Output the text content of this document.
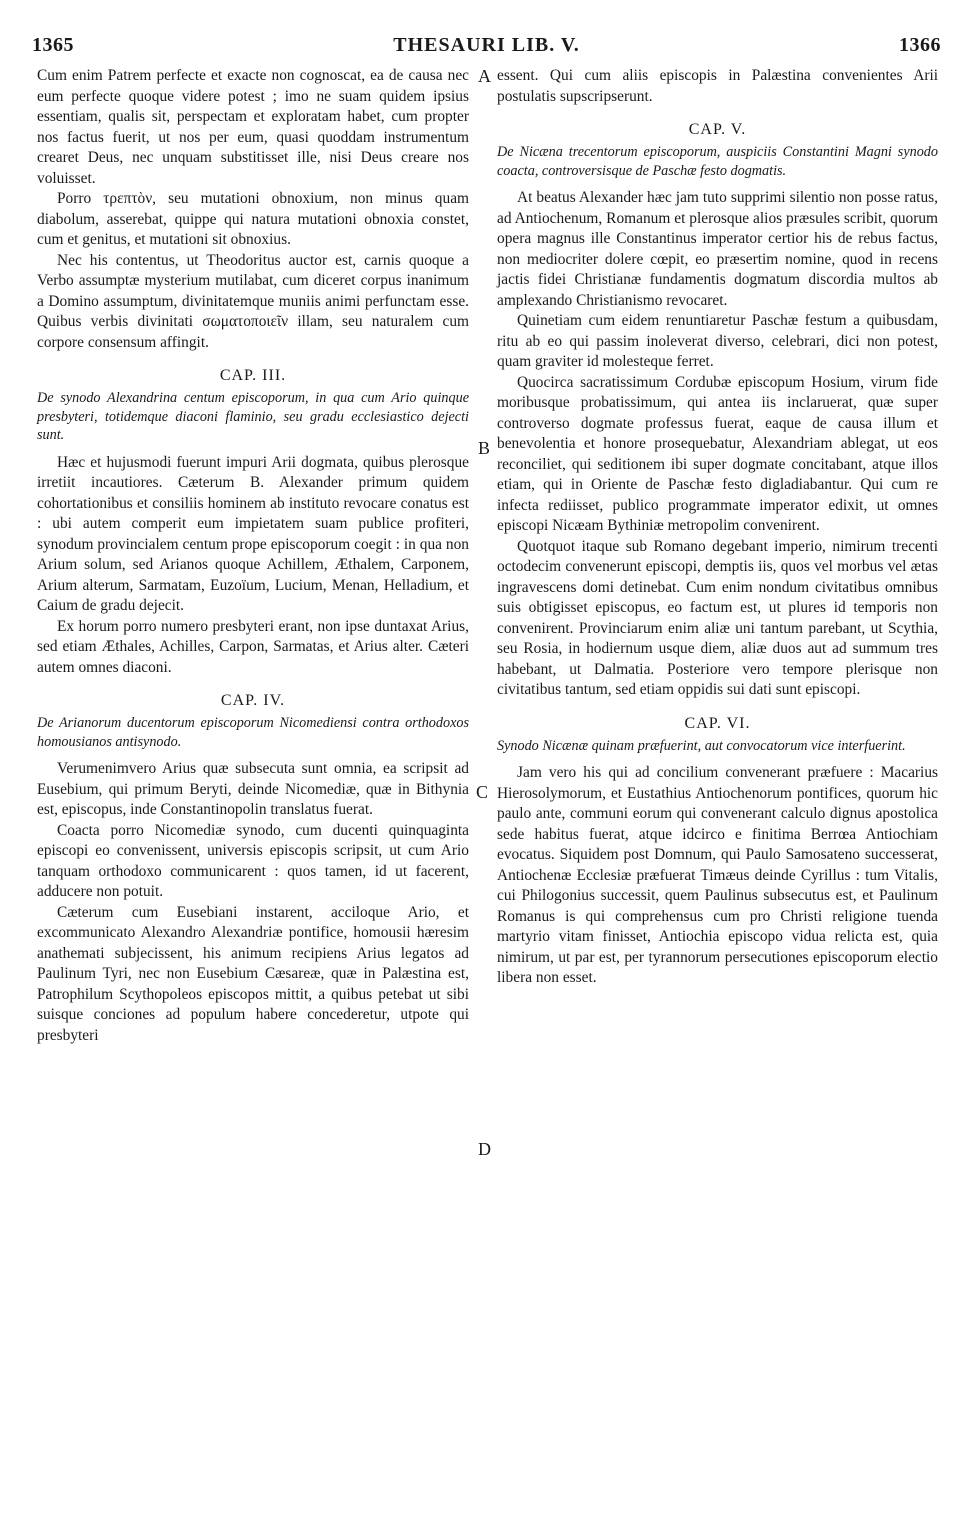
1365	THESAURI LIB. V.	1366
A
B
C
D

Cum enim Patrem perfecte et exacte non cognoscat, ea de causa nec eum perfecte quoque videre potest ; imo ne suam quidem ipsius essentiam, qualis sit, perspectam et exploratam habet, cum propter nos factus fuerit, ut nos per eum, quasi quoddam instrumentum crearet Deus, nec unquam substitisset ille, nisi Deus creare nos voluisset.

Porro τρεπτὸν, seu mutationi obnoxium, non minus quam diabolum, asserebat, quippe qui natura mutationi obnoxia constet, cum et genitus, et mutationi sit obnoxius.

Nec his contentus, ut Theodoritus auctor est, carnis quoque a Verbo assumptæ mysterium mutilabat, cum diceret corpus inanimum a Domino assumptum, divinitatemque muniis animi perfunctam esse. Quibus verbis divinitati σωματοποιεῖν illam, seu naturalem cum corpore consensum affingit.

CAP. III.

De synodo Alexandrina centum episcoporum, in qua cum Ario quinque presbyteri, totidemque diaconi flaminio, seu gradu ecclesiastico dejecti sunt.

Hæc et hujusmodi fuerunt impuri Arii dogmata, quibus plerosque irretiit incautiores. Cæterum B. Alexander primum quidem cohortationibus et consiliis hominem ab instituto revocare conatus est : ubi autem comperit eum impietatem suam publice profiteri, synodum provincialem centum prope episcoporum coegit : in qua non Arium solum, sed Arianos quoque Achillem, Æthalem, Carponem, Arium alterum, Sarmatam, Euzoïum, Lucium, Menan, Helladium, et Caium de gradu dejecit.

Ex horum porro numero presbyteri erant, non ipse duntaxat Arius, sed etiam Æthales, Achilles, Carpon, Sarmatas, et Arius alter. Cæteri autem omnes diaconi.

CAP. IV.

De Arianorum ducentorum episcoporum Nicomediensi contra orthodoxos homousianos antisynodo.

Verumenimvero Arius quæ subsecuta sunt omnia, ea scripsit ad Eusebium, qui primum Beryti, deinde Nicomediæ, quæ in Bithynia est, episcopus, inde Constantinopolin translatus fuerat.

Coacta porro Nicomediæ synodo, cum ducenti quinquaginta episcopi eo convenissent, universis episcopis scripsit, ut cum Ario tanquam orthodoxo communicarent : quos tamen, id ut facerent, adducere non potuit.

Cæterum cum Eusebiani instarent, acciloque Ario, et excommunicato Alexandro Alexandriæ pontifice, homousii hæresim anathemati subjecissent, his animum recipiens Arius legatos ad Paulinum Tyri, nec non Eusebium Cæsareæ, quæ in Palæstina est, Patrophilum Scythopoleos episcopos mittit, a quibus petebat ut sibi suisque conciones ad populum habere concederetur, utpote qui presbyteri

essent. Qui cum aliis episcopis in Palæstina convenientes Arii postulatis supscripserunt.

CAP. V.

De Nicæna trecentorum episcoporum, auspiciis Constantini Magni synodo coacta, controversisque de Paschæ festo dogmatis.

At beatus Alexander hæc jam tuto supprimi silentio non posse ratus, ad Antiochenum, Romanum et plerosque alios præsules scribit, quorum opera magnus ille Constantinus imperator certior his de rebus factus, non mediocriter dolere cœpit, eo præsertim nomine, quod in recens jactis fidei Christianæ fundamentis dogmatum discordia multos ab amplexando Christianismo revocaret.

Quinetiam cum eidem renuntiaretur Paschæ festum a quibusdam, ritu ab eo qui passim inoleverat diverso, celebrari, dici non potest, quam graviter id molesteque ferret.

Quocirca sacratissimum Cordubæ episcopum Hosium, virum fide moribusque probatissimum, qui antea iis inclaruerat, quæ super controverso dogmate professus fuerat, eaque de causa illum et benevolentia et honore prosequebatur, Alexandriam ablegat, ut eos reconciliet, qui seditionem ibi super dogmate concitabant, atque illos etiam, qui in Oriente de Paschæ festo digladiabantur. Qui cum re infecta rediisset, publico programmate imperator edixit, ut omnes episcopi Nicæam Bythiniæ metropolim convenirent.

Quotquot itaque sub Romano degebant imperio, nimirum trecenti octodecim convenerunt episcopi, demptis iis, quos vel morbus vel ætas ingravescens domi detinebat. Cum enim nondum civitatibus omnibus suis obtigisset episcopus, eo factum est, ut plures id temporis non convenirent. Provinciarum enim aliæ uni tantum parebant, ut Scythia, seu Rosia, in hodiernum usque diem, aliæ duos aut ad summum tres habebant, ut Dalmatia. Posteriore vero tempore plerisque non civitatibus tantum, sed etiam oppidis sui dati sunt episcopi.

CAP. VI.

Synodo Nicænæ quinam præfuerint, aut convocatorum vice interfuerint.

Jam vero his qui ad concilium convenerant præfuere : Macarius Hierosolymorum, et Eustathius Antiochenorum pontifices, quorum hic paulo ante, communi eorum qui convenerant calculo dignus apostolica sede habitus fuerat, atque idcirco e finitima Berrœa Antiochiam evocatus. Siquidem post Domnum, qui Paulo Samosateno successerat, Antiochenæ Ecclesiæ præfuerat Timæus deinde Cyrillus : tum Vitalis, cui Philogonius successit, quem Paulinus subsecutus est, et Paulinum Romanus is qui comprehensus cum pro Christi religione tuenda martyrio vitam finisset, Antiochia episcopo vidua relicta est, quia nimirum, ut par est, per tyrannorum persecutiones episcoporum electio libera non esset.
